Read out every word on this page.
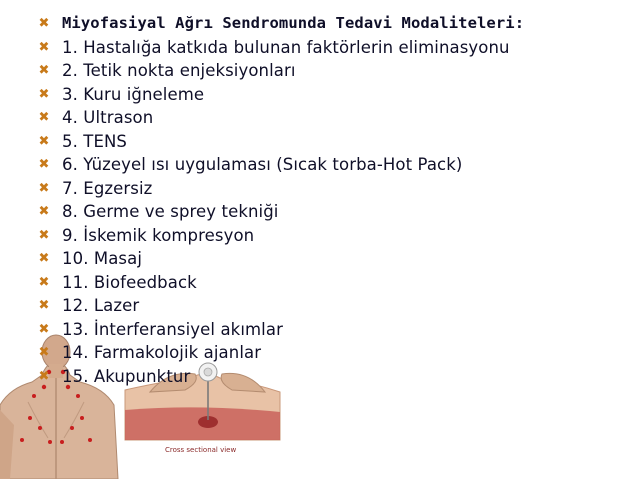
Cross sectional view
✖ Miyofasiyal Ağrı Sendromunda Tedavi Modaliteleri:
✖ 1. Hastalığa katkıda bulunan faktörlerin eliminasyonu
✖ 2. Tetik nokta enjeksiyonları
✖ 3. Kuru iğneleme
✖ 4. Ultrason
✖ 5. TENS
✖ 6. Yüzeyel ısı uygulaması (Sıcak torba-Hot Pack)
✖ 7. Egzersiz
✖ 8. Germe ve sprey tekniği
✖ 9. İskemik kompresyon
✖ 10. Masaj
✖ 11. Biofeedback
✖ 12. Lazer
✖ 13. İnterferansiyel akımlar
✖ 14. Farmakolojik ajanlar
✖ 15. Akupunktur
